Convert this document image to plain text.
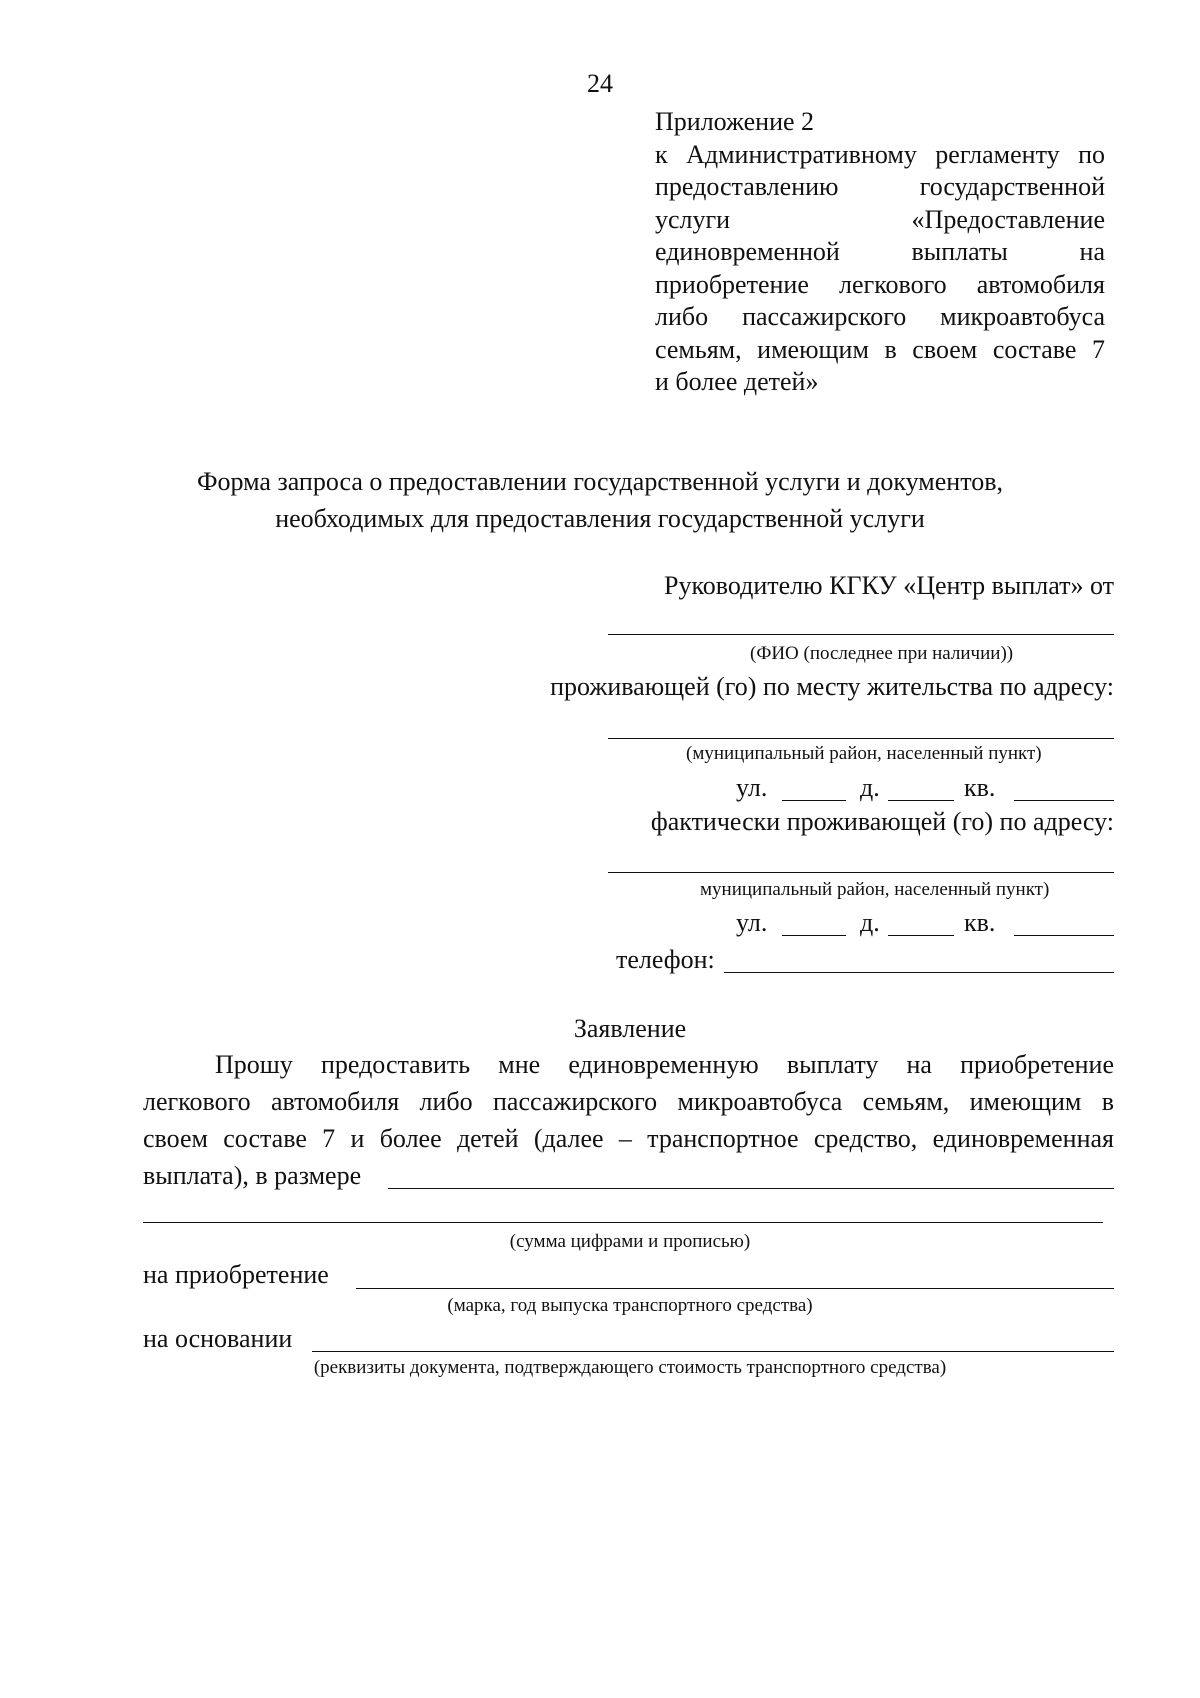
24
Приложение 2
к Административному регламенту по
предоставлению государственной
услуги «Предоставление
единовременной выплаты на
приобретение легкового автомобиля
либо пассажирского микроавтобуса
семьям, имеющим в своем составе 7
и более детей»
Форма запроса о предоставлении государственной услуги и документов,
необходимых для предоставления государственной услуги
Руководителю КГКУ «Центр выплат» от
(ФИО (последнее при наличии))
проживающей (го) по месту жительства по адресу:
(муниципальный район, населенный пункт)
ул.	д.	кв.
фактически проживающей (го) по адресу:
муниципальный район, населенный пункт)
ул.	д.	кв.
телефон:
Заявление
Прошу предоставить мне единовременную выплату на приобретение
легкового автомобиля либо пассажирского микроавтобуса семьям, имеющим в
своем составе 7 и более детей (далее – транспортное средство, единовременная
выплата), в размере
(сумма цифрами и прописью)
на приобретение
(марка, год выпуска транспортного средства)
на основании
(реквизиты документа, подтверждающего стоимость транспортного средства)
